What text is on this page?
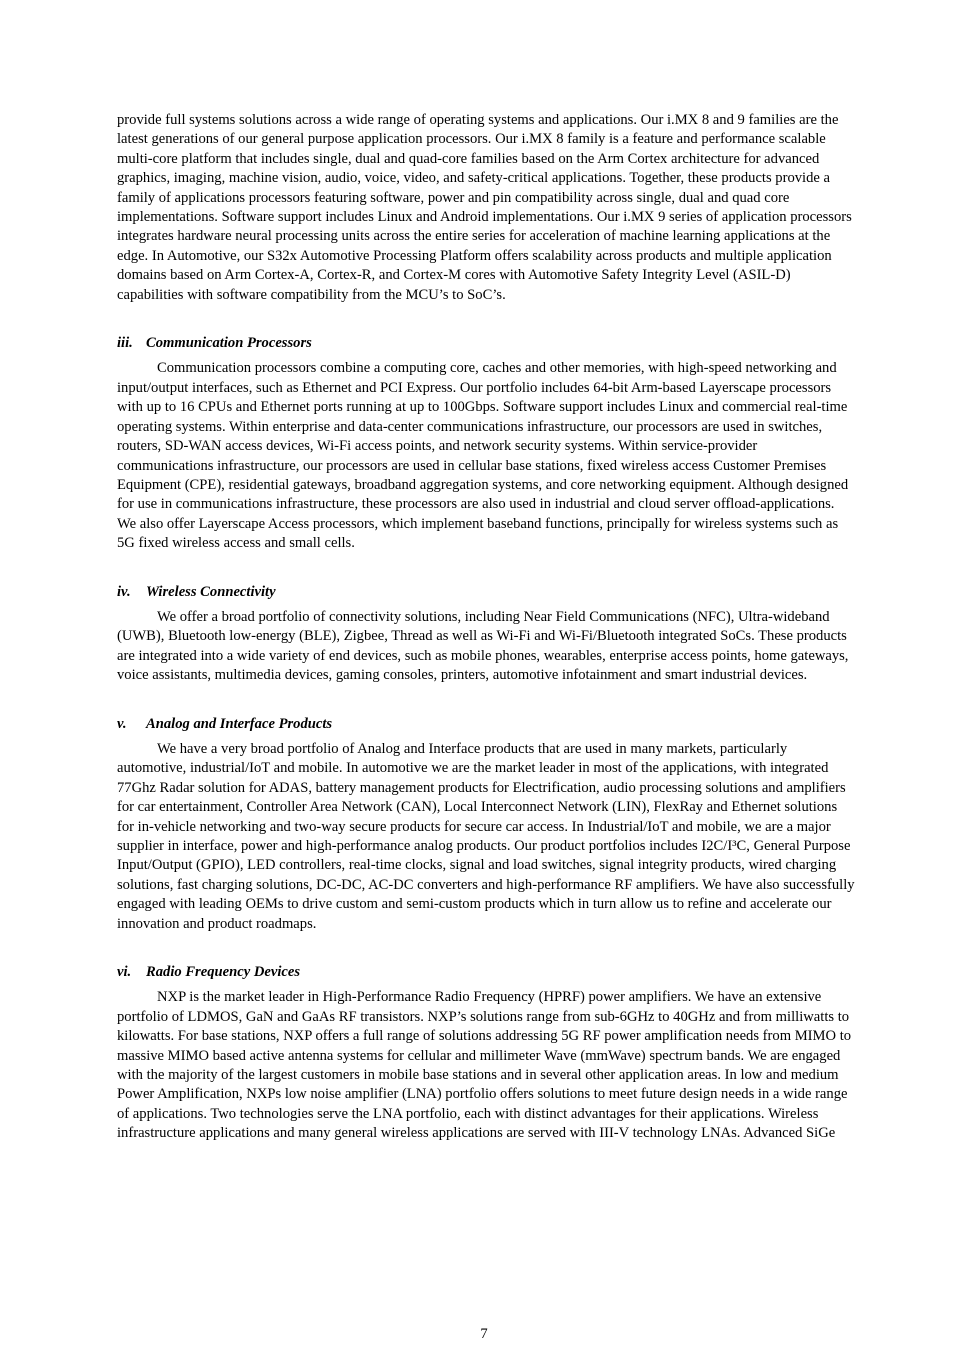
provide full systems solutions across a wide range of operating systems and applications. Our i.MX 8 and 9 families are the latest generations of our general purpose application processors. Our i.MX 8 family is a feature and performance scalable multi-core platform that includes single, dual and quad-core families based on the Arm Cortex architecture for advanced graphics, imaging, machine vision, audio, voice, video, and safety-critical applications. Together, these products provide a family of applications processors featuring software, power and pin compatibility across single, dual and quad core implementations. Software support includes Linux and Android implementations. Our i.MX 9 series of application processors integrates hardware neural processing units across the entire series for acceleration of machine learning applications at the edge. In Automotive, our S32x Automotive Processing Platform offers scalability across products and multiple application domains based on Arm Cortex-A, Cortex-R, and Cortex-M cores with Automotive Safety Integrity Level (ASIL-D) capabilities with software compatibility from the MCU’s to SoC’s.

iii. Communication Processors

Communication processors combine a computing core, caches and other memories, with high-speed networking and input/output interfaces, such as Ethernet and PCI Express. Our portfolio includes 64-bit Arm-based Layerscape processors with up to 16 CPUs and Ethernet ports running at up to 100Gbps. Software support includes Linux and commercial real-time operating systems. Within enterprise and data-center communications infrastructure, our processors are used in switches, routers, SD-WAN access devices, Wi-Fi access points, and network security systems. Within service-provider communications infrastructure, our processors are used in cellular base stations, fixed wireless access Customer Premises Equipment (CPE), residential gateways, broadband aggregation systems, and core networking equipment. Although designed for use in communications infrastructure, these processors are also used in industrial and cloud server offload-applications. We also offer Layerscape Access processors, which implement baseband functions, principally for wireless systems such as 5G fixed wireless access and small cells.

iv. Wireless Connectivity

We offer a broad portfolio of connectivity solutions, including Near Field Communications (NFC), Ultra-wideband (UWB), Bluetooth low-energy (BLE), Zigbee, Thread as well as Wi-Fi and Wi-Fi/Bluetooth integrated SoCs. These products are integrated into a wide variety of end devices, such as mobile phones, wearables, enterprise access points, home gateways, voice assistants, multimedia devices, gaming consoles, printers, automotive infotainment and smart industrial devices.

v. Analog and Interface Products

We have a very broad portfolio of Analog and Interface products that are used in many markets, particularly automotive, industrial/IoT and mobile. In automotive we are the market leader in most of the applications, with integrated 77Ghz Radar solution for ADAS, battery management products for Electrification, audio processing solutions and amplifiers for car entertainment, Controller Area Network (CAN), Local Interconnect Network (LIN), FlexRay and Ethernet solutions for in-vehicle networking and two-way secure products for secure car access. In Industrial/IoT and mobile, we are a major supplier in interface, power and high-performance analog products. Our product portfolios includes I2C/I³C, General Purpose Input/Output (GPIO), LED controllers, real-time clocks, signal and load switches, signal integrity products, wired charging solutions, fast charging solutions, DC-DC, AC-DC converters and high-performance RF amplifiers. We have also successfully engaged with leading OEMs to drive custom and semi-custom products which in turn allow us to refine and accelerate our innovation and product roadmaps.

vi. Radio Frequency Devices

NXP is the market leader in High-Performance Radio Frequency (HPRF) power amplifiers. We have an extensive portfolio of LDMOS, GaN and GaAs RF transistors. NXP’s solutions range from sub-6GHz to 40GHz and from milliwatts to kilowatts. For base stations, NXP offers a full range of solutions addressing 5G RF power amplification needs from MIMO to massive MIMO based active antenna systems for cellular and millimeter Wave (mmWave) spectrum bands. We are engaged with the majority of the largest customers in mobile base stations and in several other application areas. In low and medium Power Amplification, NXPs low noise amplifier (LNA) portfolio offers solutions to meet future design needs in a wide range of applications. Two technologies serve the LNA portfolio, each with distinct advantages for their applications. Wireless infrastructure applications and many general wireless applications are served with III-V technology LNAs. Advanced SiGe

7
